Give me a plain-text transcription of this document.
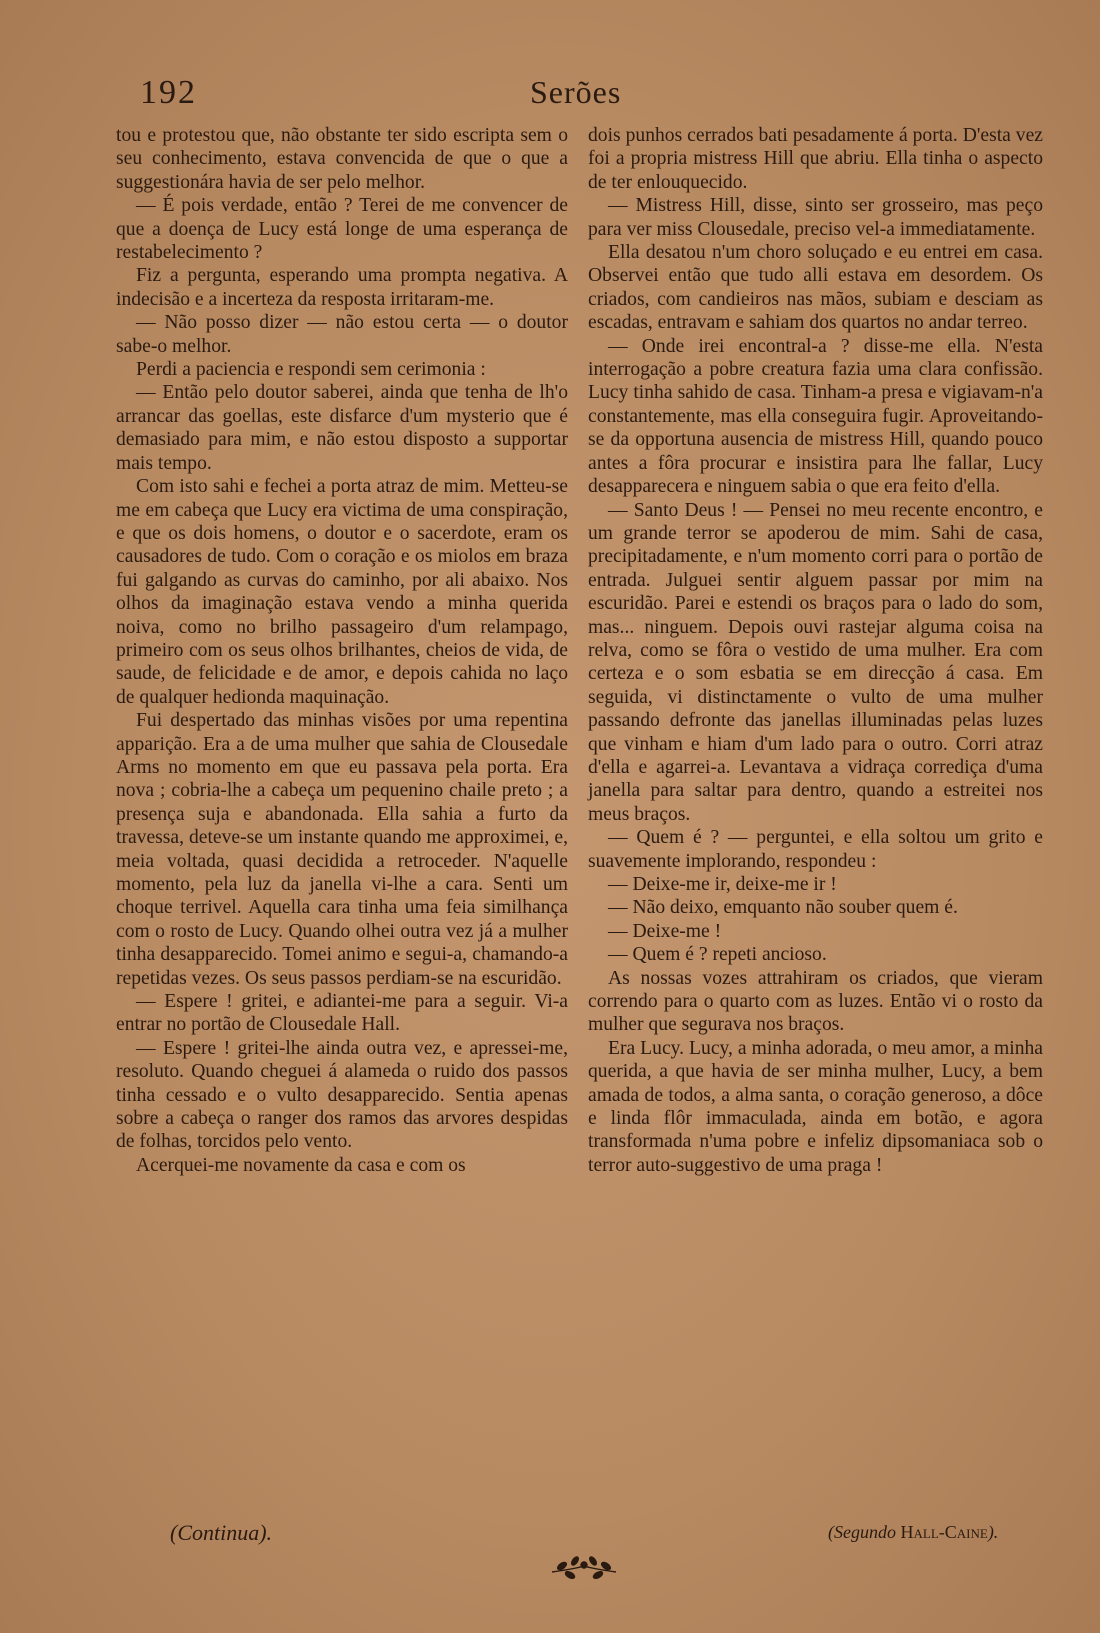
192	Serões

tou e protestou que, não obstante ter sido escripta sem o seu conhecimento, estava convencida de que o que a suggestionára havia de ser pelo melhor.

— É pois verdade, então ? Terei de me convencer de que a doença de Lucy está longe de uma esperança de restabelecimento ?

Fiz a pergunta, esperando uma prompta negativa. A indecisão e a incerteza da resposta irritaram-me.

— Não posso dizer — não estou certa — o doutor sabe-o melhor.

Perdi a paciencia e respondi sem cerimonia :

— Então pelo doutor saberei, ainda que tenha de lh'o arrancar das goellas, este disfarce d'um mysterio que é demasiado para mim, e não estou disposto a supportar mais tempo.

Com isto sahi e fechei a porta atraz de mim. Metteu-se me em cabeça que Lucy era victima de uma conspiração, e que os dois homens, o doutor e o sacerdote, eram os causadores de tudo. Com o coração e os miolos em braza fui galgando as curvas do caminho, por ali abaixo. Nos olhos da imaginação estava vendo a minha querida noiva, como no brilho passageiro d'um relampago, primeiro com os seus olhos brilhantes, cheios de vida, de saude, de felicidade e de amor, e depois cahida no laço de qualquer hedionda maquinação.

Fui despertado das minhas visões por uma repentina apparição. Era a de uma mulher que sahia de Clousedale Arms no momento em que eu passava pela porta. Era nova ; cobria-lhe a cabeça um pequenino chaile preto ; a presença suja e abandonada. Ella sahia a furto da travessa, deteve-se um instante quando me approximei, e, meia voltada, quasi decidida a retroceder. N'aquelle momento, pela luz da janella vi-lhe a cara. Senti um choque terrivel. Aquella cara tinha uma feia similhança com o rosto de Lucy. Quando olhei outra vez já a mulher tinha desapparecido. Tomei animo e segui-a, chamando-a repetidas vezes. Os seus passos perdiam-se na escuridão.

— Espere ! gritei, e adiantei-me para a seguir. Vi-a entrar no portão de Clousedale Hall.

— Espere ! gritei-lhe ainda outra vez, e apressei-me, resoluto. Quando cheguei á alameda o ruido dos passos tinha cessado e o vulto desapparecido. Sentia apenas sobre a cabeça o ranger dos ramos das arvores despidas de folhas, torcidos pelo vento.

Acerquei-me novamente da casa e com os

dois punhos cerrados bati pesadamente á porta. D'esta vez foi a propria mistress Hill que abriu. Ella tinha o aspecto de ter enlouquecido.

— Mistress Hill, disse, sinto ser grosseiro, mas peço para ver miss Clousedale, preciso vel-a immediatamente.

Ella desatou n'um choro soluçado e eu entrei em casa. Observei então que tudo alli estava em desordem. Os criados, com candieiros nas mãos, subiam e desciam as escadas, entravam e sahiam dos quartos no andar terreo.

— Onde irei encontral-a ? disse-me ella. N'esta interrogação a pobre creatura fazia uma clara confissão. Lucy tinha sahido de casa. Tinham-a presa e vigiavam-n'a constantemente, mas ella conseguira fugir. Aproveitando-se da opportuna ausencia de mistress Hill, quando pouco antes a fôra procurar e insistira para lhe fallar, Lucy desapparecera e ninguem sabia o que era feito d'ella.

— Santo Deus ! — Pensei no meu recente encontro, e um grande terror se apoderou de mim. Sahi de casa, precipitadamente, e n'um momento corri para o portão de entrada. Julguei sentir alguem passar por mim na escuridão. Parei e estendi os braços para o lado do som, mas... ninguem. Depois ouvi rastejar alguma coisa na relva, como se fôra o vestido de uma mulher. Era com certeza e o som esbatia se em direcção á casa. Em seguida, vi distinctamente o vulto de uma mulher passando defronte das janellas illuminadas pelas luzes que vinham e hiam d'um lado para o outro. Corri atraz d'ella e agarrei-a. Levantava a vidraça corrediça d'uma janella para saltar para dentro, quando a estreitei nos meus braços.

— Quem é ? — perguntei, e ella soltou um grito e suavemente implorando, respondeu :

— Deixe-me ir, deixe-me ir !

— Não deixo, emquanto não souber quem é.

— Deixe-me !

— Quem é ? repeti ancioso.

As nossas vozes attrahiram os criados, que vieram correndo para o quarto com as luzes. Então vi o rosto da mulher que segurava nos braços.

Era Lucy. Lucy, a minha adorada, o meu amor, a minha querida, a que havia de ser minha mulher, Lucy, a bem amada de todos, a alma santa, o coração generoso, a dôce e linda flôr immaculada, ainda em botão, e agora transformada n'uma pobre e infeliz dipsomaniaca sob o terror auto-suggestivo de uma praga !

(Continua).	(Segundo Hall-Caine).
